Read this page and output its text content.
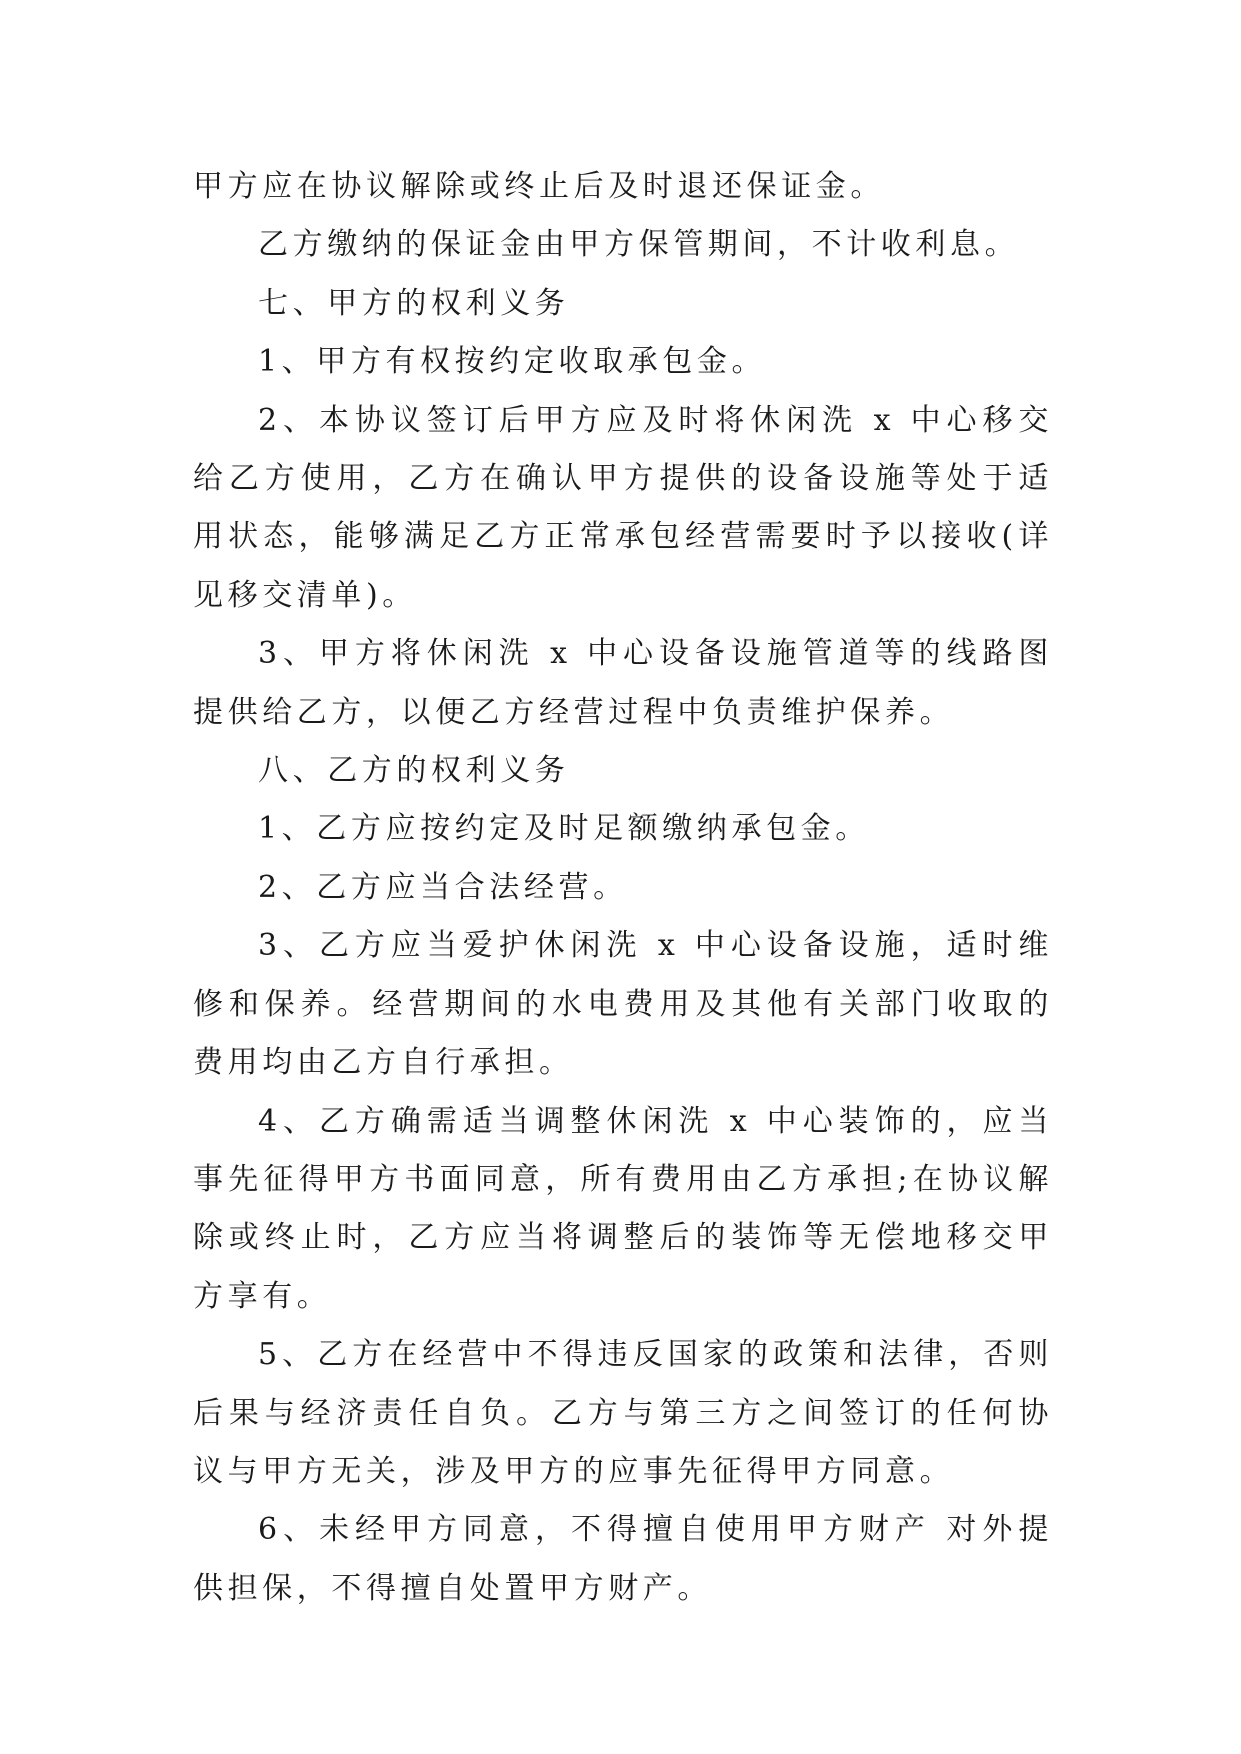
甲方应在协议解除或终止后及时退还保证金。

乙方缴纳的保证金由甲方保管期间，不计收利息。

七、甲方的权利义务

1、甲方有权按约定收取承包金。

2、本协议签订后甲方应及时将休闲洗 x 中心移交给乙方使用，乙方在确认甲方提供的设备设施等处于适用状态，能够满足乙方正常承包经营需要时予以接收(详见移交清单)。

3、甲方将休闲洗 x 中心设备设施管道等的线路图提供给乙方，以便乙方经营过程中负责维护保养。

八、乙方的权利义务

1、乙方应按约定及时足额缴纳承包金。

2、乙方应当合法经营。

3、乙方应当爱护休闲洗 x 中心设备设施，适时维修和保养。经营期间的水电费用及其他有关部门收取的费用均由乙方自行承担。

4、乙方确需适当调整休闲洗 x 中心装饰的，应当事先征得甲方书面同意，所有费用由乙方承担;在协议解除或终止时，乙方应当将调整后的装饰等无偿地移交甲方享有。

5、乙方在经营中不得违反国家的政策和法律，否则后果与经济责任自负。乙方与第三方之间签订的任何协议与甲方无关，涉及甲方的应事先征得甲方同意。

6、未经甲方同意，不得擅自使用甲方财产 对外提供担保，不得擅自处置甲方财产。
